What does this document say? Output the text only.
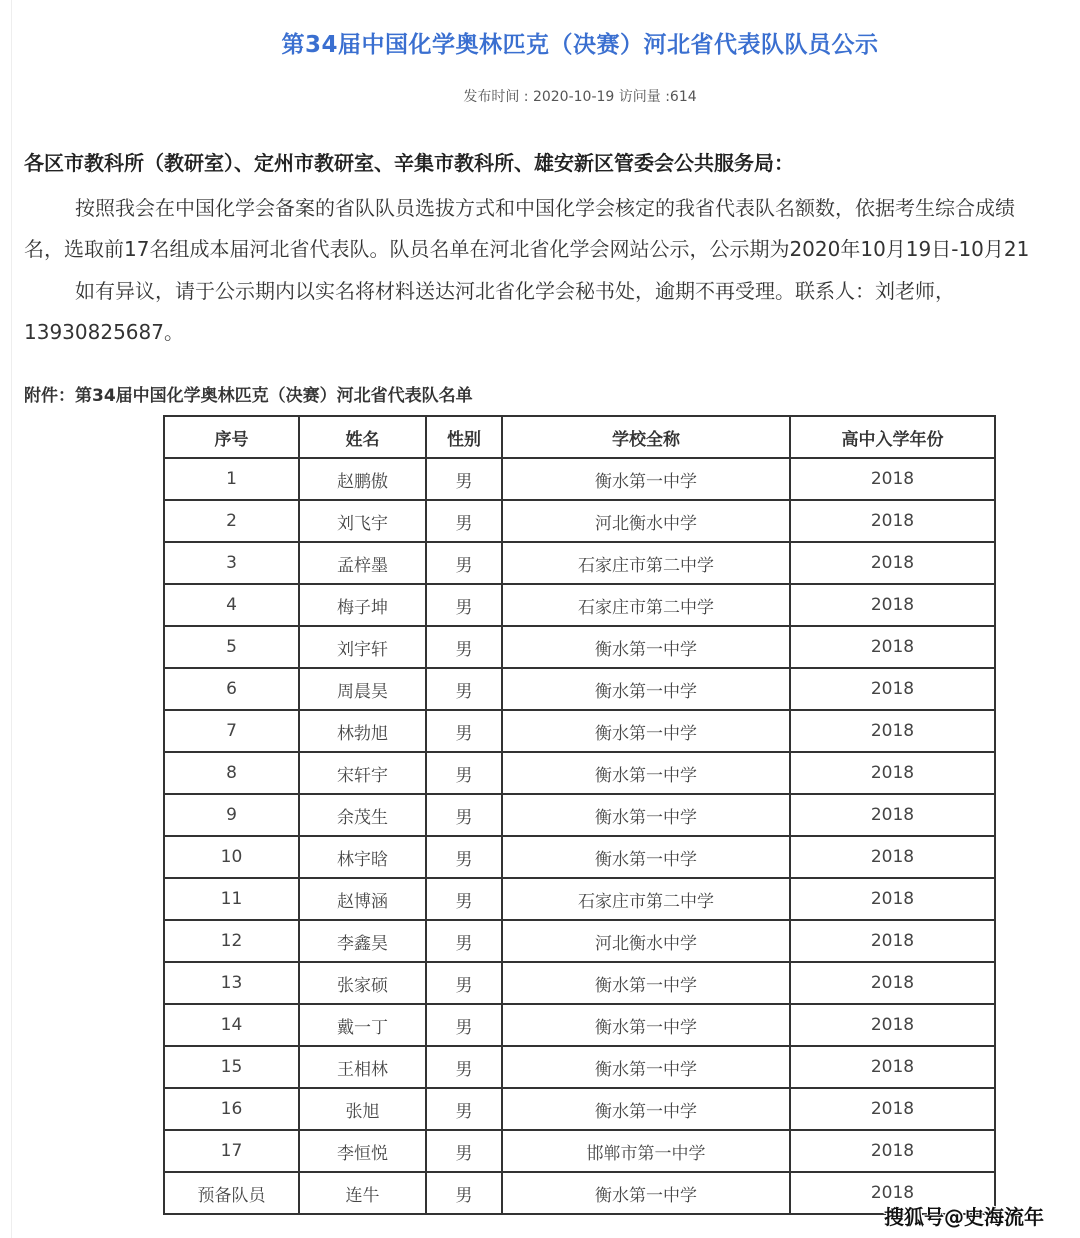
第34届中国化学奥林匹克（决赛）河北省代表队队员公示
发布时间 : 2020-10-19 访问量 :614
各区市教科所（教研室）、定州市教研室、辛集市教科所、雄安新区管委会公共服务局：
按照我会在中国化学会备案的省队队员选拔方式和中国化学会核定的我省代表队名额数，依据考生综合成绩
名，选取前17名组成本届河北省代表队。队员名单在河北省化学会网站公示，公示期为2020年10月19日-10月21
如有异议，请于公示期内以实名将材料送达河北省化学会秘书处，逾期不再受理。联系人：刘老师，
13930825687。
附件：第34届中国化学奥林匹克（决赛）河北省代表队名单
序号	姓名	性别	学校全称	高中入学年份
1	赵鹏傲	男	衡水第一中学	2018
2	刘飞宇	男	河北衡水中学	2018
3	孟梓墨	男	石家庄市第二中学	2018
4	梅子坤	男	石家庄市第二中学	2018
5	刘宇轩	男	衡水第一中学	2018
6	周晨昊	男	衡水第一中学	2018
7	林勃旭	男	衡水第一中学	2018
8	宋轩宇	男	衡水第一中学	2018
9	余茂生	男	衡水第一中学	2018
10	林宇晗	男	衡水第一中学	2018
11	赵博涵	男	石家庄市第二中学	2018
12	李鑫昊	男	河北衡水中学	2018
13	张家硕	男	衡水第一中学	2018
14	戴一丁	男	衡水第一中学	2018
15	王相林	男	衡水第一中学	2018
16	张旭	男	衡水第一中学	2018
17	李恒悦	男	邯郸市第一中学	2018
预备队员	连牛	男	衡水第一中学	2018
搜狐号@史海流年
